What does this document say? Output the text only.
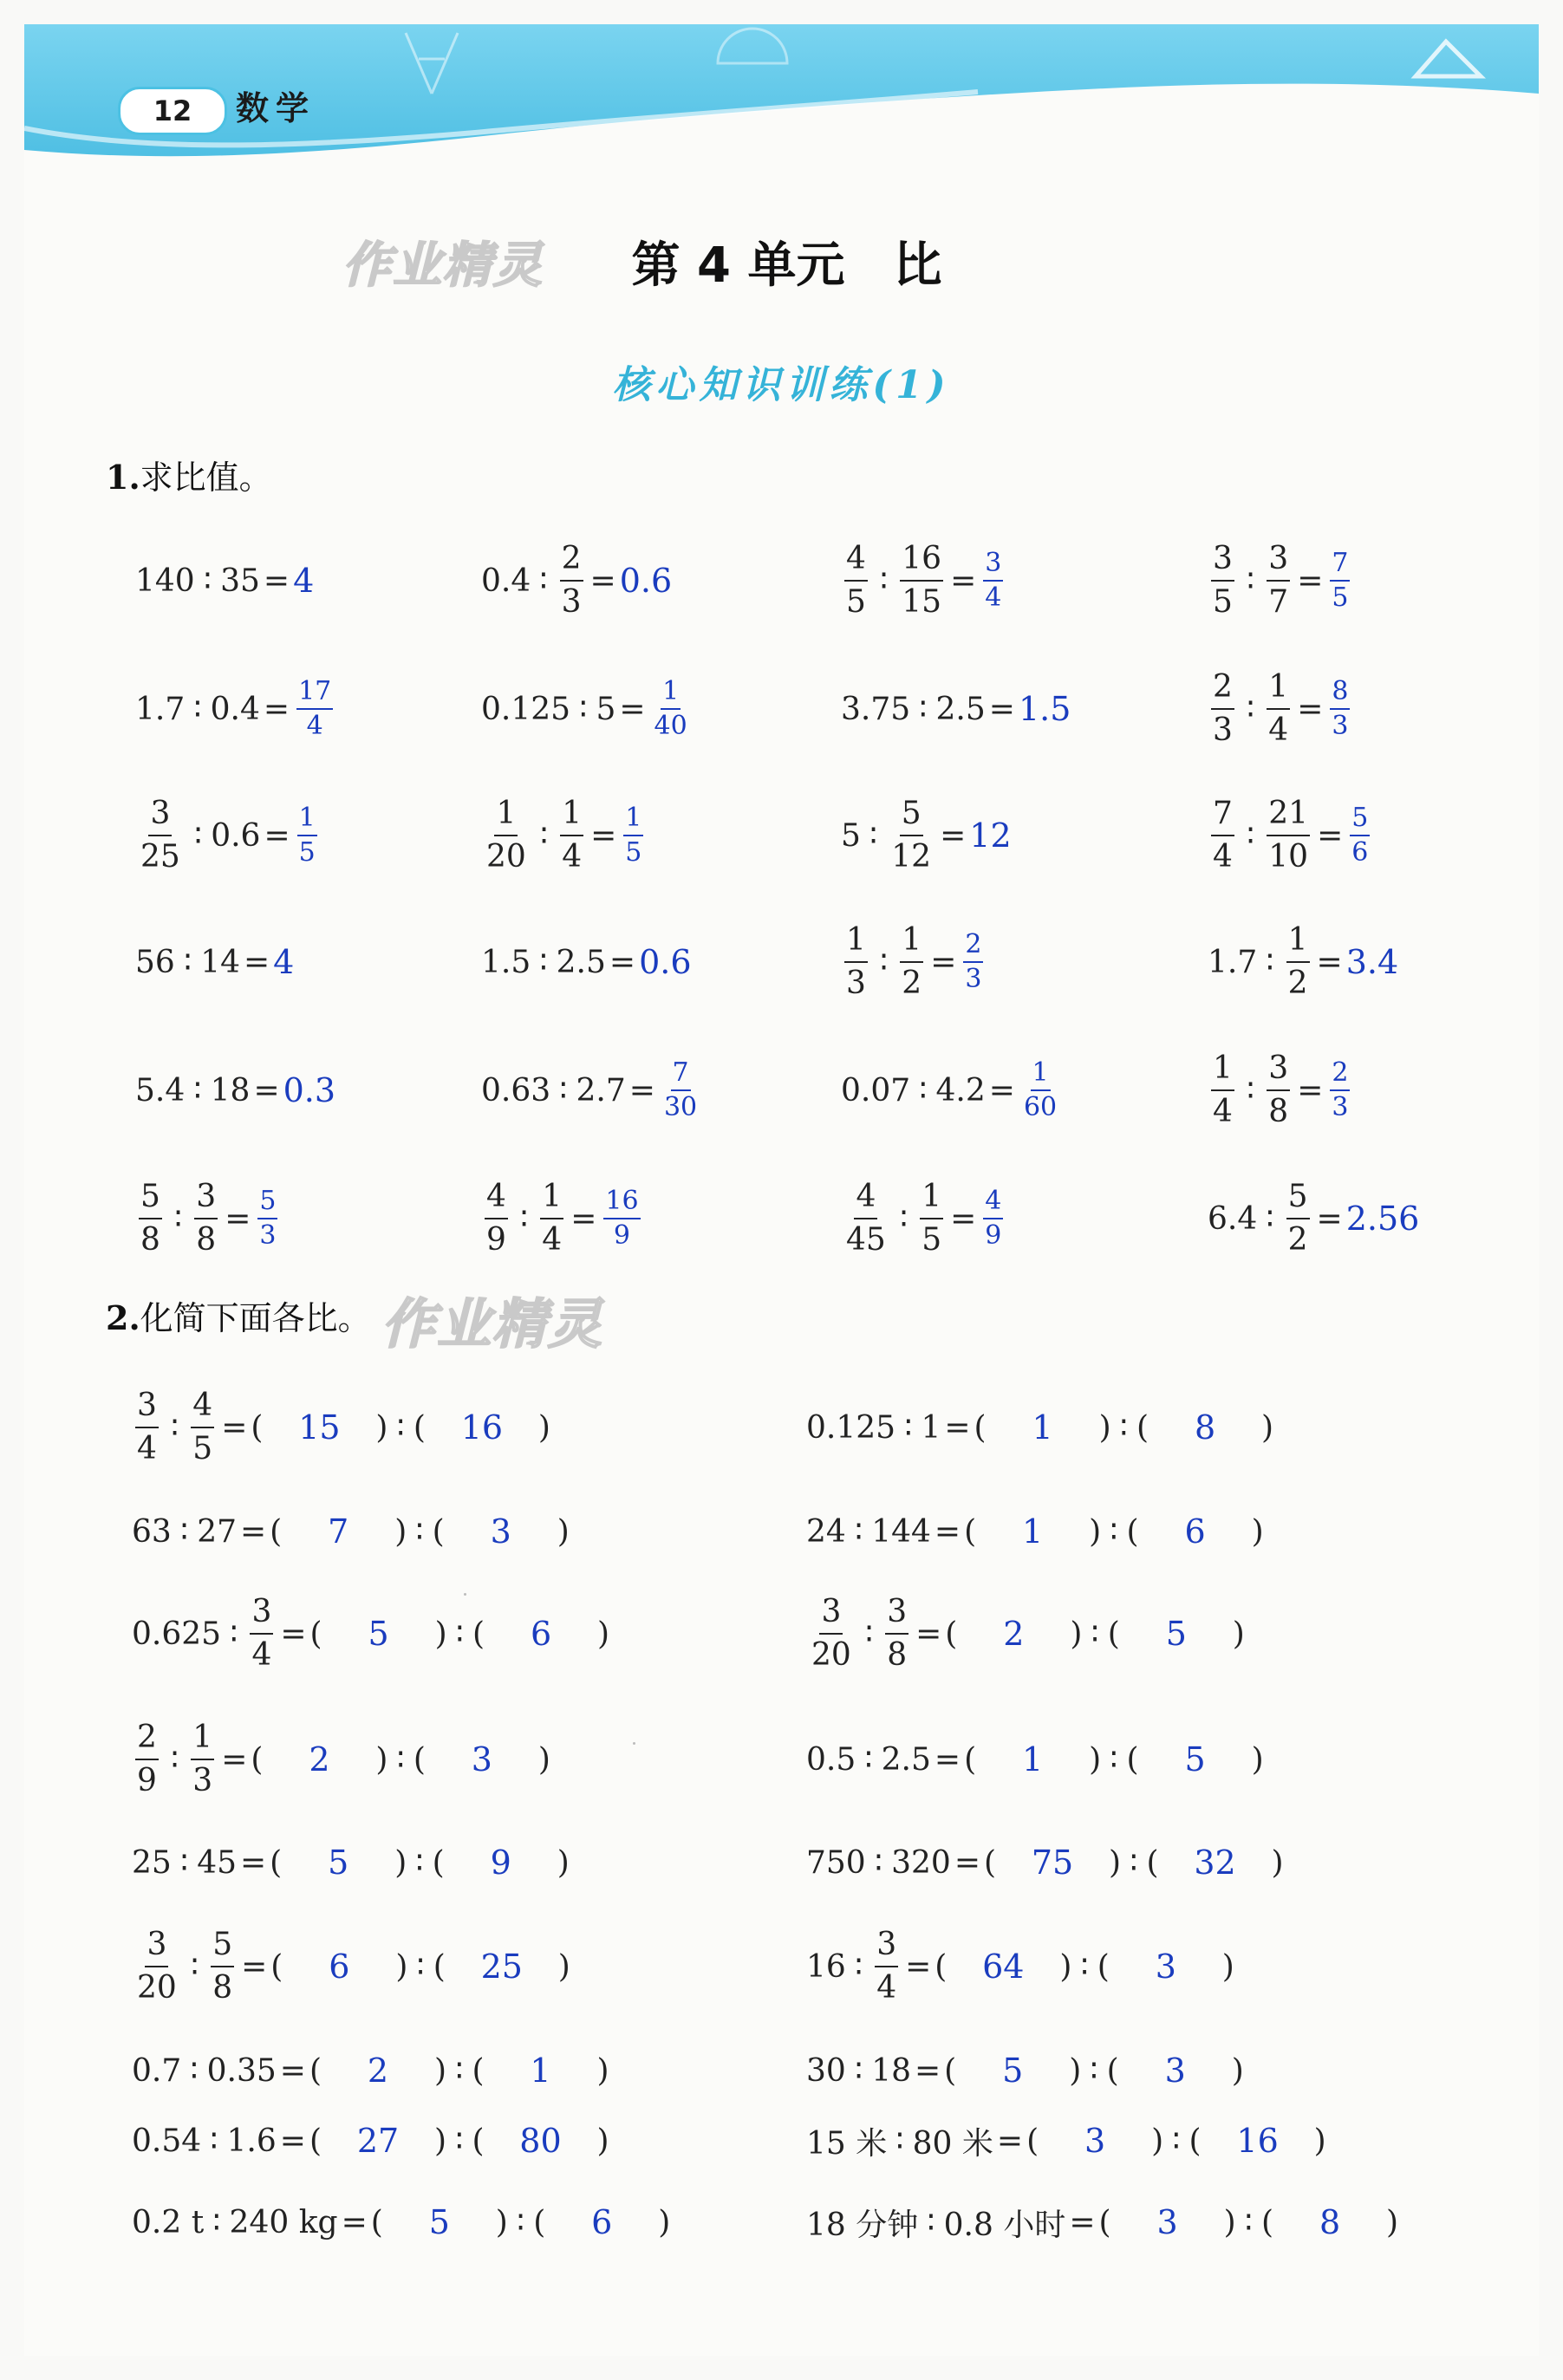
12	数学
作业精灵	第 4 单元　比
核心知识训练(1)
1.求比值。
140 ∶ 35 = 4	0.4 ∶ $\frac{2}{3} = 0.6$	$\frac{4}{5}$ ∶ $\frac{16}{15} = \frac{3}{4}$	$\frac{3}{5}$ ∶ $\frac{3}{7} = \frac{7}{5}$
1.7 ∶ $0.4 = \frac{17}{4}$	0.125 ∶ $5 = \frac{1}{40}$	3.75 ∶ 2.5 = 1.5	$\frac{2}{3}$ ∶ $\frac{1}{4} = \frac{8}{3}$
$\frac{3}{25}$ ∶ $0.6 = \frac{1}{5}$	$\frac{1}{20}$ ∶ $\frac{1}{4} = \frac{1}{5}$	5 ∶ $\frac{5}{12} = 12$	$\frac{7}{4}$ ∶ $\frac{21}{10} = \frac{5}{6}$
56 ∶ 14 = 4	1.5 ∶ 2.5 = 0.6	$\frac{1}{3}$ ∶ $\frac{1}{2} = \frac{2}{3}$	1.7 ∶ $\frac{1}{2} = 3.4$
5.4 ∶ 18 = 0.3	0.63 ∶ $2.7 = \frac{7}{30}$	0.07 ∶ $4.2 = \frac{1}{60}$	$\frac{1}{4}$ ∶ $\frac{3}{8} = \frac{2}{3}$
$\frac{5}{8}$ ∶ $\frac{3}{8} = \frac{5}{3}$	$\frac{4}{9}$ ∶ $\frac{1}{4} = \frac{16}{9}$	$\frac{4}{45}$ ∶ $\frac{1}{5} = \frac{4}{9}$	6.4 ∶ $\frac{5}{2} = 2.56$
2.化简下面各比。 作业精灵
$\frac{3}{4}$ ∶ $\frac{4}{5}$ = (	15	) ∶ (	16	)	0.125 ∶ 1 = (	1	) ∶ (	8	)
63 ∶ 27 = (	7	) ∶ (	3	)	24 ∶ 144 = (	1	) ∶ (	6	)
0.625 ∶ $\frac{3}{4}$ = (	5	) ∶ (	6	)	$\frac{3}{20}$ ∶ $\frac{3}{8}$ = (	2	) ∶ (	5	)
$\frac{2}{9}$ ∶ $\frac{1}{3}$ = (	2	) ∶ (	3	)	0.5 ∶ 2.5 = (	1	) ∶ (	5	)
25 ∶ 45 = (	5	) ∶ (	9	)	750 ∶ 320 = (	75	) ∶ (	32	)
$\frac{3}{20}$ ∶ $\frac{5}{8}$ = (	6	) ∶ (	25	)	16 ∶ $\frac{3}{4}$ = (	64	) ∶ (	3	)
0.7 ∶ 0.35 = (	2	) ∶ (	1	)	30 ∶ 18 = (	5	) ∶ (	3	)
0.54 ∶ 1.6 = (	27	) ∶ (	80	)	15 米 ∶ 80 米 = (	3	) ∶ (	16	)
0.2 t ∶ 240 kg = (	5	) ∶ (	6	)	18 分钟 ∶ 0.8 小时 = (	3	) ∶ (	8	)
